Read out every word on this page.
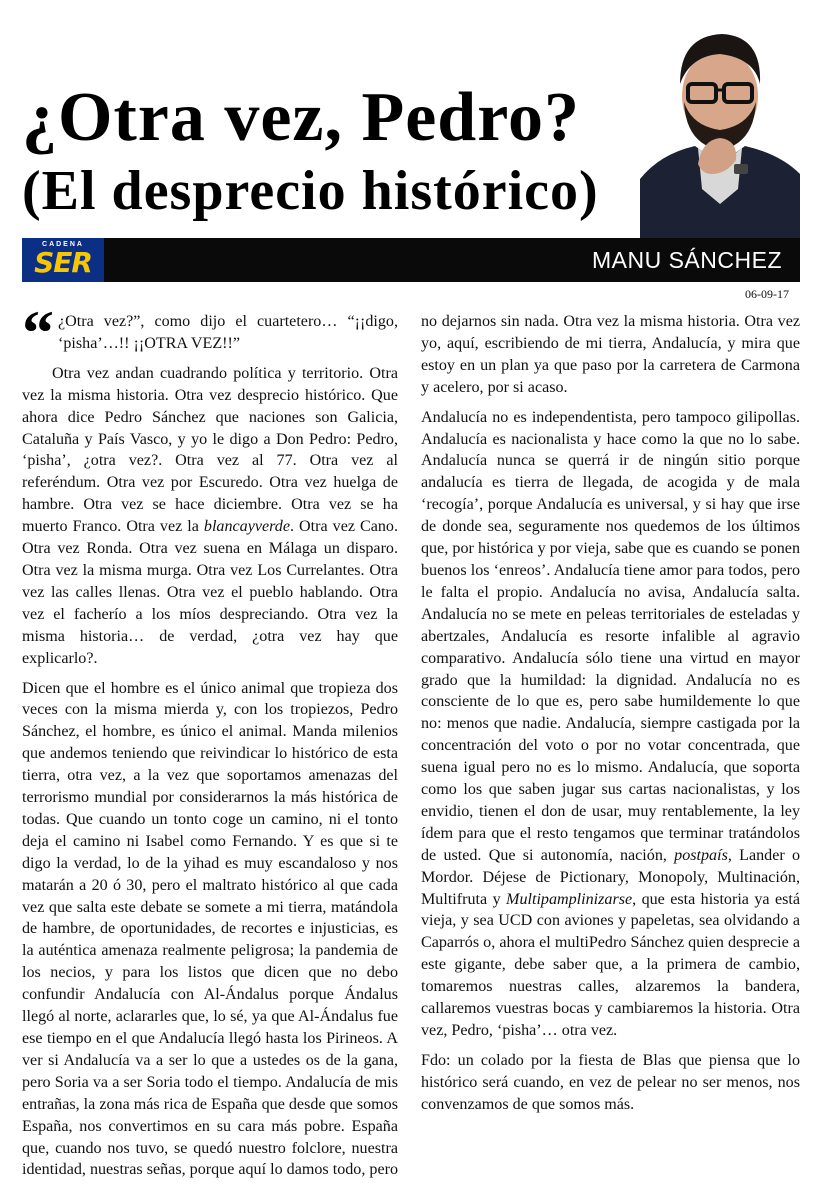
¿Otra vez, Pedro?
(El desprecio histórico)
CADENA
SER	MANU SÁNCHEZ
06-09-17

“ ¿Otra vez?”, como dijo el cuartetero… “¡¡digo, ‘pisha’…!! ¡¡OTRA VEZ!!”

Otra vez andan cuadrando política y territorio. Otra vez la misma historia. Otra vez desprecio histórico. Que ahora dice Pedro Sánchez que naciones son Galicia, Cataluña y País Vasco, y yo le digo a Don Pedro: Pedro, ‘pisha’, ¿otra vez?. Otra vez al 77. Otra vez al referéndum. Otra vez por Escuredo. Otra vez huelga de hambre. Otra vez se hace diciembre. Otra vez se ha muerto Franco. Otra vez la blancayverde. Otra vez Cano. Otra vez Ronda. Otra vez suena en Málaga un disparo. Otra vez la misma murga. Otra vez Los Currelantes. Otra vez las calles llenas. Otra vez el pueblo hablando. Otra vez el facherío a los míos despreciando. Otra vez la misma historia… de verdad, ¿otra vez hay que explicarlo?.

Dicen que el hombre es el único animal que tropieza dos veces con la misma mierda y, con los tropiezos, Pedro Sánchez, el hombre, es único el animal. Manda milenios que andemos teniendo que reivindicar lo histórico de esta tierra, otra vez, a la vez que soportamos amenazas del terrorismo mundial por considerarnos la más histórica de todas. Que cuando un tonto coge un camino, ni el tonto deja el camino ni Isabel como Fernando. Y es que si te digo la verdad, lo de la yihad es muy escandaloso y nos matarán a 20 ó 30, pero el maltrato histórico al que cada vez que salta este debate se somete a mi tierra, matándola de hambre, de oportunidades, de recortes e injusticias, es la auténtica amenaza realmente peligrosa; la pandemia de los necios, y para los listos que dicen que no debo confundir Andalucía con Al-Ándalus porque Ándalus llegó al norte, aclararles que, lo sé, ya que Al-Ándalus fue ese tiempo en el que Andalucía llegó hasta los Pirineos. A ver si Andalucía va a ser lo que a ustedes os de la gana, pero Soria va a ser Soria todo el tiempo. Andalucía de mis entrañas, la zona más rica de España que desde que somos España, nos convertimos en su cara más pobre. España que, cuando nos tuvo, se quedó nuestro folclore, nuestra identidad, nuestras señas, porque aquí lo damos todo, pero

no dejarnos sin nada. Otra vez la misma historia. Otra vez yo, aquí, escribiendo de mi tierra, Andalucía, y mira que estoy en un plan ya que paso por la carretera de Carmona y acelero, por si acaso.

Andalucía no es independentista, pero tampoco gilipollas. Andalucía es nacionalista y hace como la que no lo sabe. Andalucía nunca se querrá ir de ningún sitio porque andalucía es tierra de llegada, de acogida y de mala ‘recogía’, porque Andalucía es universal, y si hay que irse de donde sea, seguramente nos quedemos de los últimos que, por histórica y por vieja, sabe que es cuando se ponen buenos los ‘enreos’. Andalucía tiene amor para todos, pero le falta el propio. Andalucía no avisa, Andalucía salta. Andalucía no se mete en peleas territoriales de esteladas y abertzales, Andalucía es resorte infalible al agravio comparativo. Andalucía sólo tiene una virtud en mayor grado que la humildad: la dignidad. Andalucía no es consciente de lo que es, pero sabe humildemente lo que no: menos que nadie. Andalucía, siempre castigada por la concentración del voto o por no votar concentrada, que suena igual pero no es lo mismo. Andalucía, que soporta como los que saben jugar sus cartas nacionalistas, y los envidio, tienen el don de usar, muy rentablemente, la ley ídem para que el resto tengamos que terminar tratándolos de usted. Que si autonomía, nación, postpaís, Lander o Mordor. Déjese de Pictionary, Monopoly, Multinación, Multifruta y Multipamplinizarse, que esta historia ya está vieja, y sea UCD con aviones y papeletas, sea olvidando a Caparrós o, ahora el multiPedro Sánchez quien desprecie a este gigante, debe saber que, a la primera de cambio, tomaremos nuestras calles, alzaremos la bandera, callaremos vuestras bocas y cambiaremos la historia. Otra vez, Pedro, ‘pisha’… otra vez.

Fdo: un colado por la fiesta de Blas que piensa que lo histórico será cuando, en vez de pelear no ser menos, nos convenzamos de que somos más.
